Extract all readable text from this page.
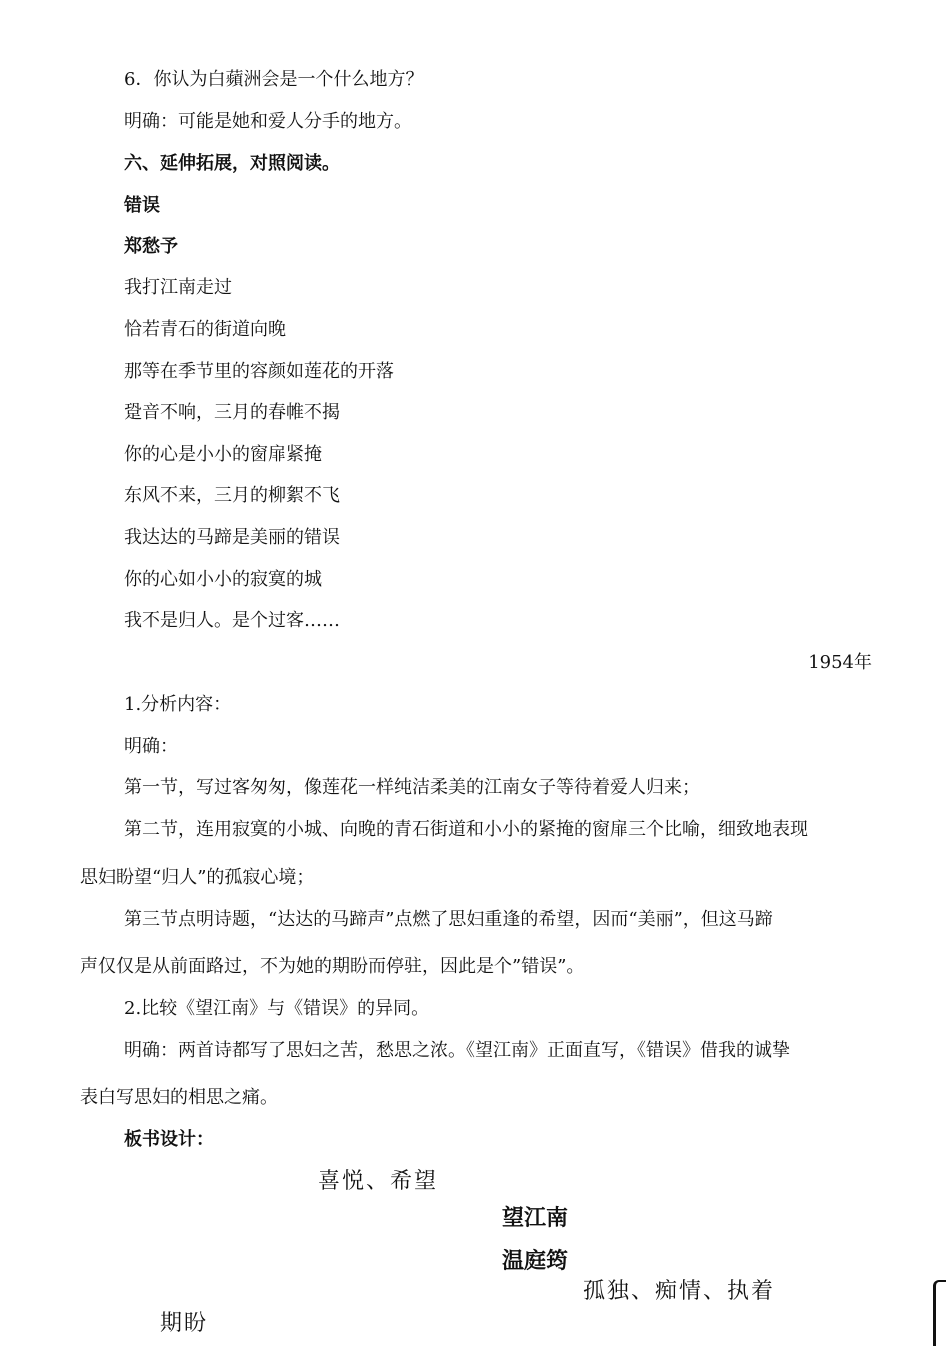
6．你认为白蘋洲会是一个什么地方？
明确：可能是她和爱人分手的地方。
六、延伸拓展，对照阅读。
错误
郑愁予
我打江南走过
恰若青石的街道向晚
那等在季节里的容颜如莲花的开落
跫音不响，三月的春帷不揭
你的心是小小的窗扉紧掩
东风不来，三月的柳絮不飞
我达达的马蹄是美丽的错误
你的心如小小的寂寞的城
我不是归人。是个过客……
1954年
1.分析内容：
明确：
第一节，写过客匆匆，像莲花一样纯洁柔美的江南女子等待着爱人归来；
第二节，连用寂寞的小城、向晚的青石街道和小小的紧掩的窗扉三个比喻，细致地表现
思妇盼望“归人”的孤寂心境；
第三节点明诗题，“达达的马蹄声”点燃了思妇重逢的希望，因而“美丽”，但这马蹄
声仅仅是从前面路过，不为她的期盼而停驻，因此是个”错误”。
2.比较《望江南》与《错误》的异同。
明确：两首诗都写了思妇之苦，愁思之浓。《望江南》正面直写，《错误》借我的诚挚
表白写思妇的相思之痛。
板书设计：
喜悦、希望
望江南
温庭筠
孤独、痴情、执着
期盼
